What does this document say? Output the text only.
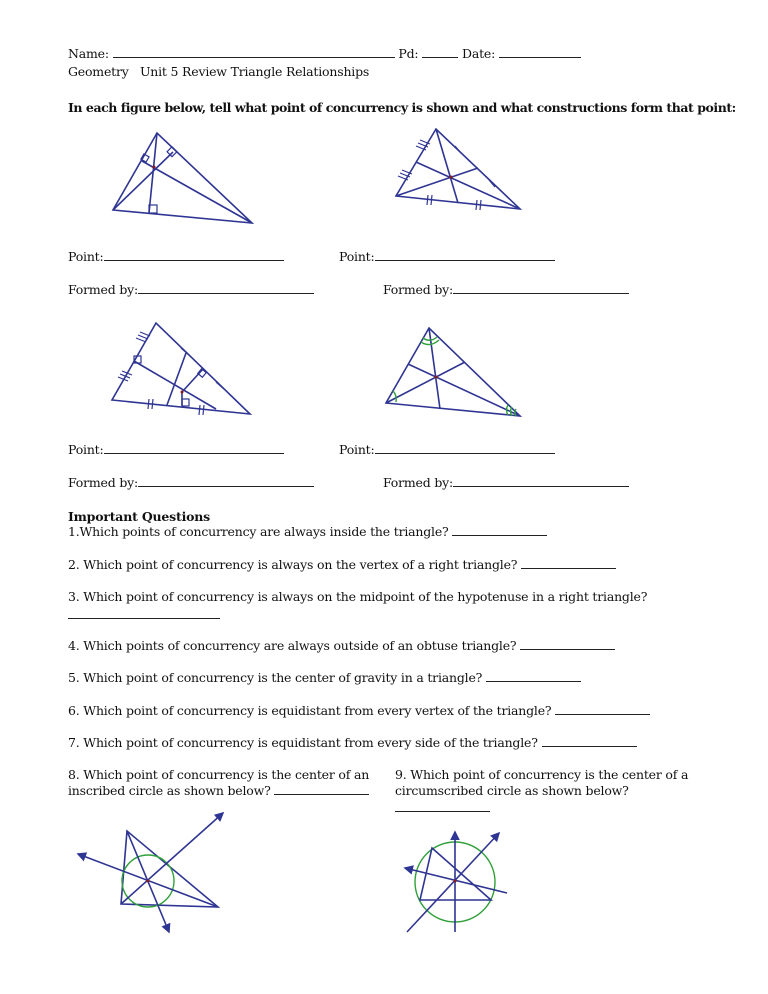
Name:	Pd:	Date:
Geometry   Unit 5 Review Triangle Relationships
In each figure below, tell what point of concurrency is shown and what constructions form that point:
Point:	Point:
Formed by:	Formed by:
Point:	Point:
Formed by:	Formed by:
Important Questions
1.Which points of concurrency are always inside the triangle?
2. Which point of concurrency is always on the vertex of a right triangle?
3. Which point of concurrency is always on the midpoint of the hypotenuse in a right triangle?
4. Which points of concurrency are always outside of an obtuse triangle?
5. Which point of concurrency is the center of gravity in a triangle?
6. Which point of concurrency is equidistant from every vertex of the triangle?
7. Which point of concurrency is equidistant from every side of the triangle?
8. Which point of concurrency is the center of an
inscribed circle as shown below?
9. Which point of concurrency is the center of a
circumscribed circle as shown below?
